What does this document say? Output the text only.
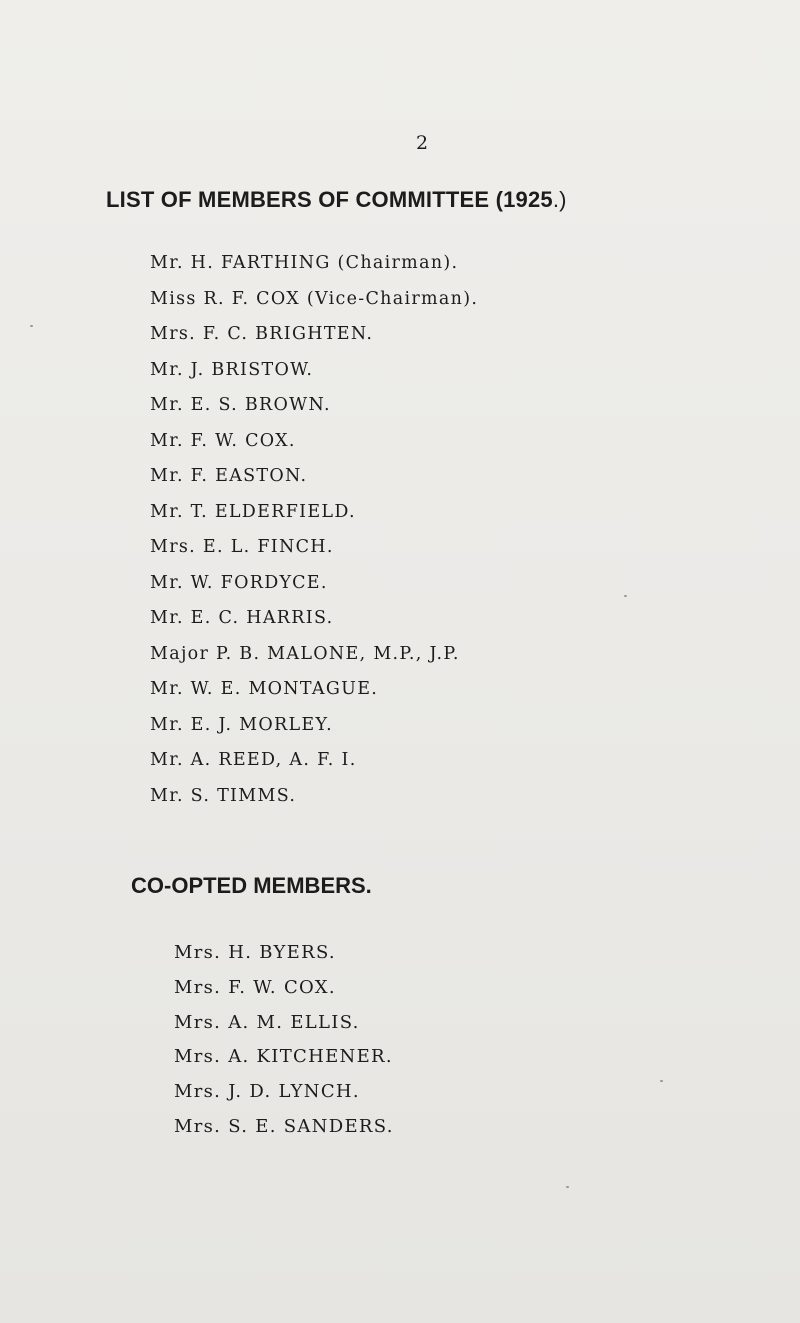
2
LIST OF MEMBERS OF COMMITTEE (1925.)
Mr. H. FARTHING (Chairman).
Miss R. F. COX (Vice-Chairman).
Mrs. F. C. BRIGHTEN.
Mr. J. BRISTOW.
Mr. E. S. BROWN.
Mr. F. W. COX.
Mr. F. EASTON.
Mr. T. ELDERFIELD.
Mrs. E. L. FINCH.
Mr. W. FORDYCE.
Mr. E. C. HARRIS.
Major P. B. MALONE, M.P., J.P.
Mr. W. E. MONTAGUE.
Mr. E. J. MORLEY.
Mr. A. REED, A. F. I.
Mr. S. TIMMS.
CO-OPTED MEMBERS.
Mrs. H. BYERS.
Mrs. F. W. COX.
Mrs. A. M. ELLIS.
Mrs. A. KITCHENER.
Mrs. J. D. LYNCH.
Mrs. S. E. SANDERS.
